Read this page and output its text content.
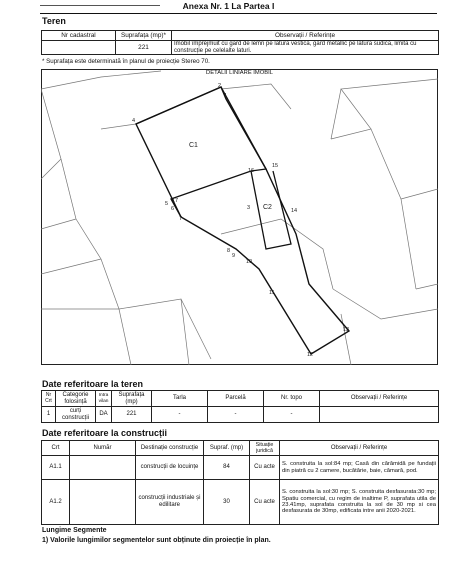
Anexa Nr. 1 La Partea I
Teren
Nr cadastral	Suprafața (mp)*	Observații / Referințe
	221	Imobil împrejmuit cu gard de lemn pe latura vestica, gard metallic pe latura sudica, limita cu construcție pe celelalte laturi.
* Suprafața este determinată în planul de proiecție Stereo 70.
DETALII LINIARE IMOBIL
1
2
3
4
5
6
7
8
9
10
11
12
13
14
15
16
17
C1
C2
Date referitoare la teren
Nr Crt	Categorie folosință	Intra vilan	Suprafața (mp)	Tarla	Parcelă	Nr. topo	Observații / Referințe
1	curți construcții	DA	221	-	-	-	
Date referitoare la construcții
Crt	Număr	Destinație construcție	Supraf. (mp)	Situație juridică	Observații / Referințe
A1.1		construcții de locuințe	84	Cu acte	S. construita la sol:84 mp; Casă din cărămidă pe fundații din piatră cu 2 camere, bucătărie, baie, cămară, pod.
A1.2		construcții industriale și edilitare	30	Cu acte	S. construita la sol:30 mp; S. construita desfasurata:30 mp; Spatiu comercial, cu regim de inaltime P, suprafata utila de 23.41mp, suprafata construita la sol de 30 mp si cea desfasurata de 30mp, edificata intre anii 2020-2021.
Lungime Segmente
1) Valorile lungimilor segmentelor sunt obținute din proiecție în plan.
